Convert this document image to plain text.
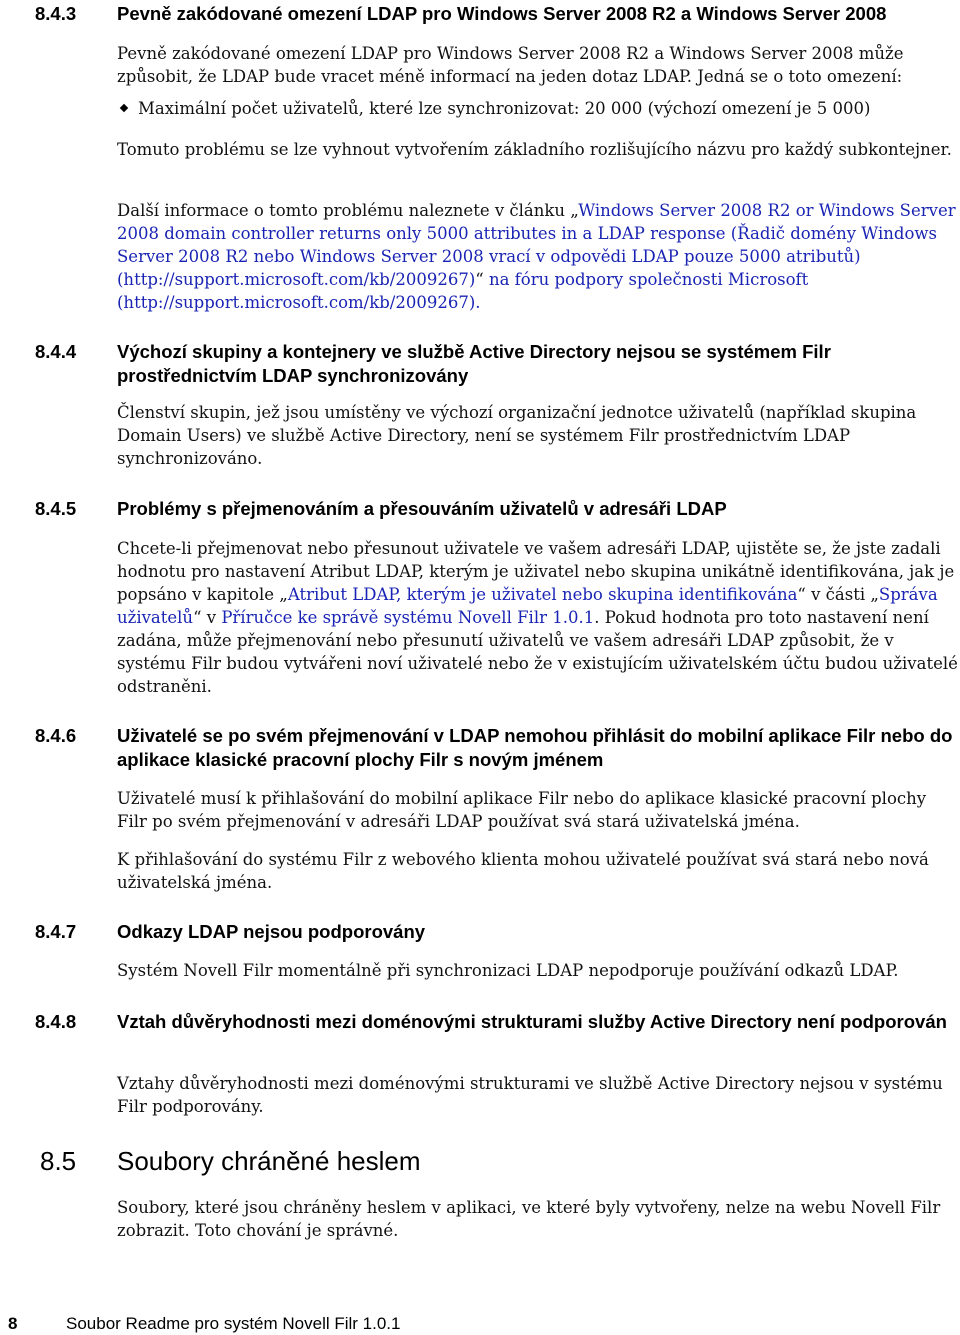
8.4.3 Pevně zakódované omezení LDAP pro Windows Server 2008 R2 a Windows Server 2008

Pevně zakódované omezení LDAP pro Windows Server 2008 R2 a Windows Server 2008 může způsobit, že LDAP bude vracet méně informací na jeden dotaz LDAP. Jedná se o toto omezení:

Maximální počet uživatelů, které lze synchronizovat: 20 000 (výchozí omezení je 5 000)

Tomuto problému se lze vyhnout vytvořením základního rozlišujícího názvu pro každý subkontejner.

Další informace o tomto problému naleznete v článku „Windows Server 2008 R2 or Windows Server 2008 domain controller returns only 5000 attributes in a LDAP response (Řadič domény Windows Server 2008 R2 nebo Windows Server 2008 vrací v odpovědi LDAP pouze 5000 atributů) (http://support.microsoft.com/kb/2009267)“ na fóru podpory společnosti Microsoft (http://support.microsoft.com/kb/2009267).

8.4.4 Výchozí skupiny a kontejnery ve službě Active Directory nejsou se systémem Filr prostřednictvím LDAP synchronizovány

Členství skupin, jež jsou umístěny ve výchozí organizační jednotce uživatelů (například skupina Domain Users) ve službě Active Directory, není se systémem Filr prostřednictvím LDAP synchronizováno.

8.4.5 Problémy s přejmenováním a přesouváním uživatelů v adresáři LDAP

Chcete-li přejmenovat nebo přesunout uživatele ve vašem adresáři LDAP, ujistěte se, že jste zadali hodnotu pro nastavení Atribut LDAP, kterým je uživatel nebo skupina unikátně identifikována, jak je popsáno v kapitole „Atribut LDAP, kterým je uživatel nebo skupina identifikována“ v části „Správa uživatelů“ v Příručce ke správě systému Novell Filr 1.0.1. Pokud hodnota pro toto nastavení není zadána, může přejmenování nebo přesunutí uživatelů ve vašem adresáři LDAP způsobit, že v systému Filr budou vytvářeni noví uživatelé nebo že v existujícím uživatelském účtu budou uživatelé odstraněni.

8.4.6 Uživatelé se po svém přejmenování v LDAP nemohou přihlásit do mobilní aplikace Filr nebo do aplikace klasické pracovní plochy Filr s novým jménem

Uživatelé musí k přihlašování do mobilní aplikace Filr nebo do aplikace klasické pracovní plochy Filr po svém přejmenování v adresáři LDAP používat svá stará uživatelská jména.

K přihlašování do systému Filr z webového klienta mohou uživatelé používat svá stará nebo nová uživatelská jména.

8.4.7 Odkazy LDAP nejsou podporovány

Systém Novell Filr momentálně při synchronizaci LDAP nepodporuje používání odkazů LDAP.

8.4.8 Vztah důvěryhodnosti mezi doménovými strukturami služby Active Directory není podporován

Vztahy důvěryhodnosti mezi doménovými strukturami ve službě Active Directory nejsou v systému Filr podporovány.

8.5 Soubory chráněné heslem

Soubory, které jsou chráněny heslem v aplikaci, ve které byly vytvořeny, nelze na webu Novell Filr zobrazit. Toto chování je správné.

8	Soubor Readme pro systém Novell Filr 1.0.1
